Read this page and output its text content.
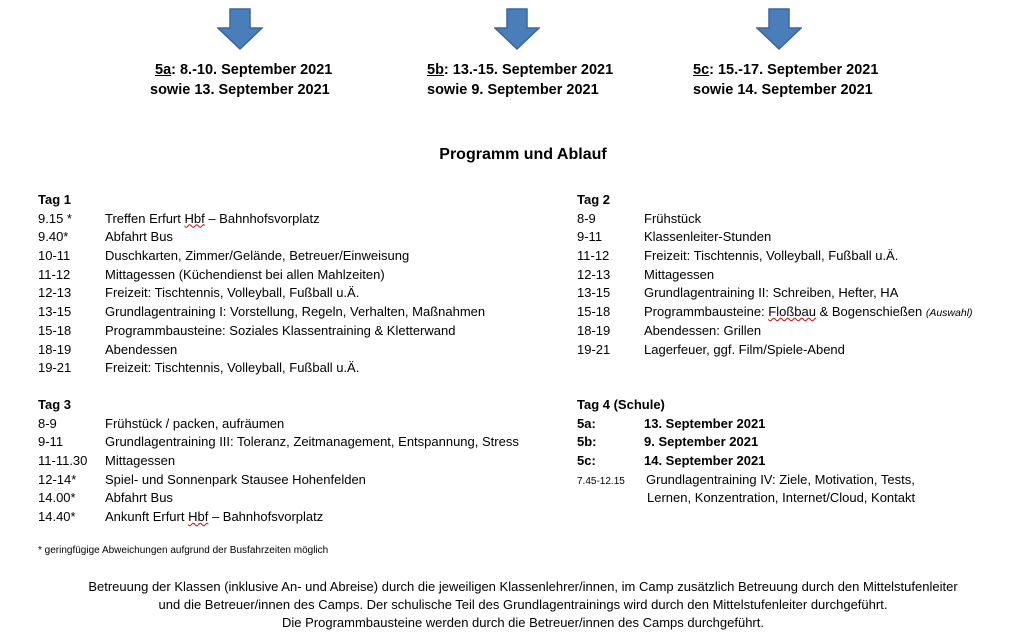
5a: 8.-10. September 2021
sowie 13. September 2021
5b: 13.-15. September 2021
sowie 9. September 2021
5c: 15.-17. September 2021
sowie 14. September 2021
Programm und Ablauf
Tag 1
9.15 *	Treffen Erfurt Hbf – Bahnhofsvorplatz
9.40*	Abfahrt Bus
10-11	Duschkarten, Zimmer/Gelände, Betreuer/Einweisung
11-12	Mittagessen (Küchendienst bei allen Mahlzeiten)
12-13	Freizeit: Tischtennis, Volleyball, Fußball u.Ä.
13-15	Grundlagentraining I: Vorstellung, Regeln, Verhalten, Maßnahmen
15-18	Programmbausteine: Soziales Klassentraining & Kletterwand
18-19	Abendessen
19-21	Freizeit: Tischtennis, Volleyball, Fußball u.Ä.
Tag 2
8-9	Frühstück
9-11	Klassenleiter-Stunden
11-12	Freizeit: Tischtennis, Volleyball, Fußball u.Ä.
12-13	Mittagessen
13-15	Grundlagentraining II: Schreiben, Hefter, HA
15-18	Programmbausteine: Floßbau & Bogenschießen (Auswahl)
18-19	Abendessen: Grillen
19-21	Lagerfeuer, ggf. Film/Spiele-Abend
Tag 3
8-9	Frühstück / packen, aufräumen
9-11	Grundlagentraining III: Toleranz, Zeitmanagement, Entspannung, Stress
11-11.30 Mittagessen
12-14* Spiel- und Sonnenpark Stausee Hohenfelden
14.00* Abfahrt Bus
14.40* Ankunft Erfurt Hbf – Bahnhofsvorplatz
Tag 4 (Schule)
5a:	13. September 2021
5b:	9. September 2021
5c:	14. September 2021
7.45-12.15 Grundlagentraining IV: Ziele, Motivation, Tests,
Lernen, Konzentration, Internet/Cloud, Kontakt
* geringfügige Abweichungen aufgrund der Busfahrzeiten möglich
Betreuung der Klassen (inklusive An- und Abreise) durch die jeweiligen Klassenlehrer/innen, im Camp zusätzlich Betreuung durch den Mittelstufenleiter
und die Betreuer/innen des Camps. Der schulische Teil des Grundlagentrainings wird durch den Mittelstufenleiter durchgeführt.
Die Programmbausteine werden durch die Betreuer/innen des Camps durchgeführt.
